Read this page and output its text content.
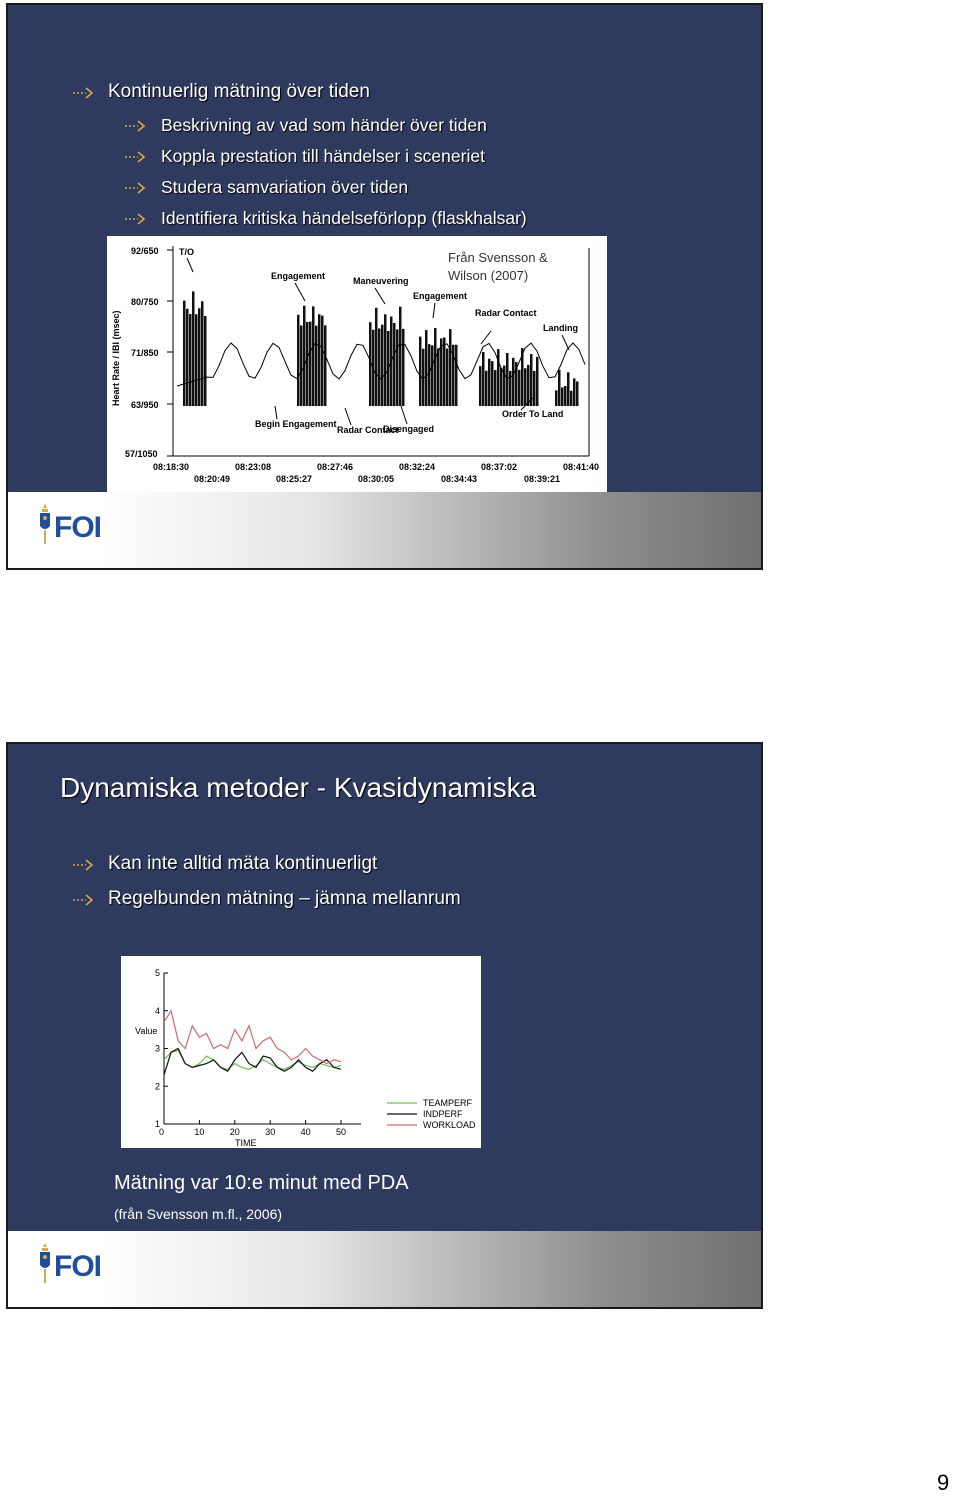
Kontinuerlig mätning över tiden
Beskrivning av vad som händer över tiden
Koppla prestation till händelser i sceneriet
Studera samvariation över tiden
Identifiera kritiska händelseförlopp (flaskhalsar)
92/650
80/750
71/850
63/950
57/1050
Heart Rate / IBI (msec)
08:18:30	08:23:08	08:27:46	08:32:24	08:37:02	08:41:40
08:20:49	08:25:27	08:30:05	08:34:43	08:39:21
T/O
Engagement	Maneuvering
Engagement
Radar Contact
Landing
Begin Engagement
Radar Contact
Disengaged
Order To Land
Från Svensson &
Wilson (2007)
FOI
Dynamiska metoder - Kvasidynamiska
Kan inte alltid mäta kontinuerligt
Regelbunden mätning – jämna mellanrum
1
2
3
4
5
0	10	20	30	40	50
Value
TIME
TEAMPERF
INDPERF
WORKLOAD
Mätning var 10:e minut med PDA
(från Svensson m.fl., 2006)
FOI
9
